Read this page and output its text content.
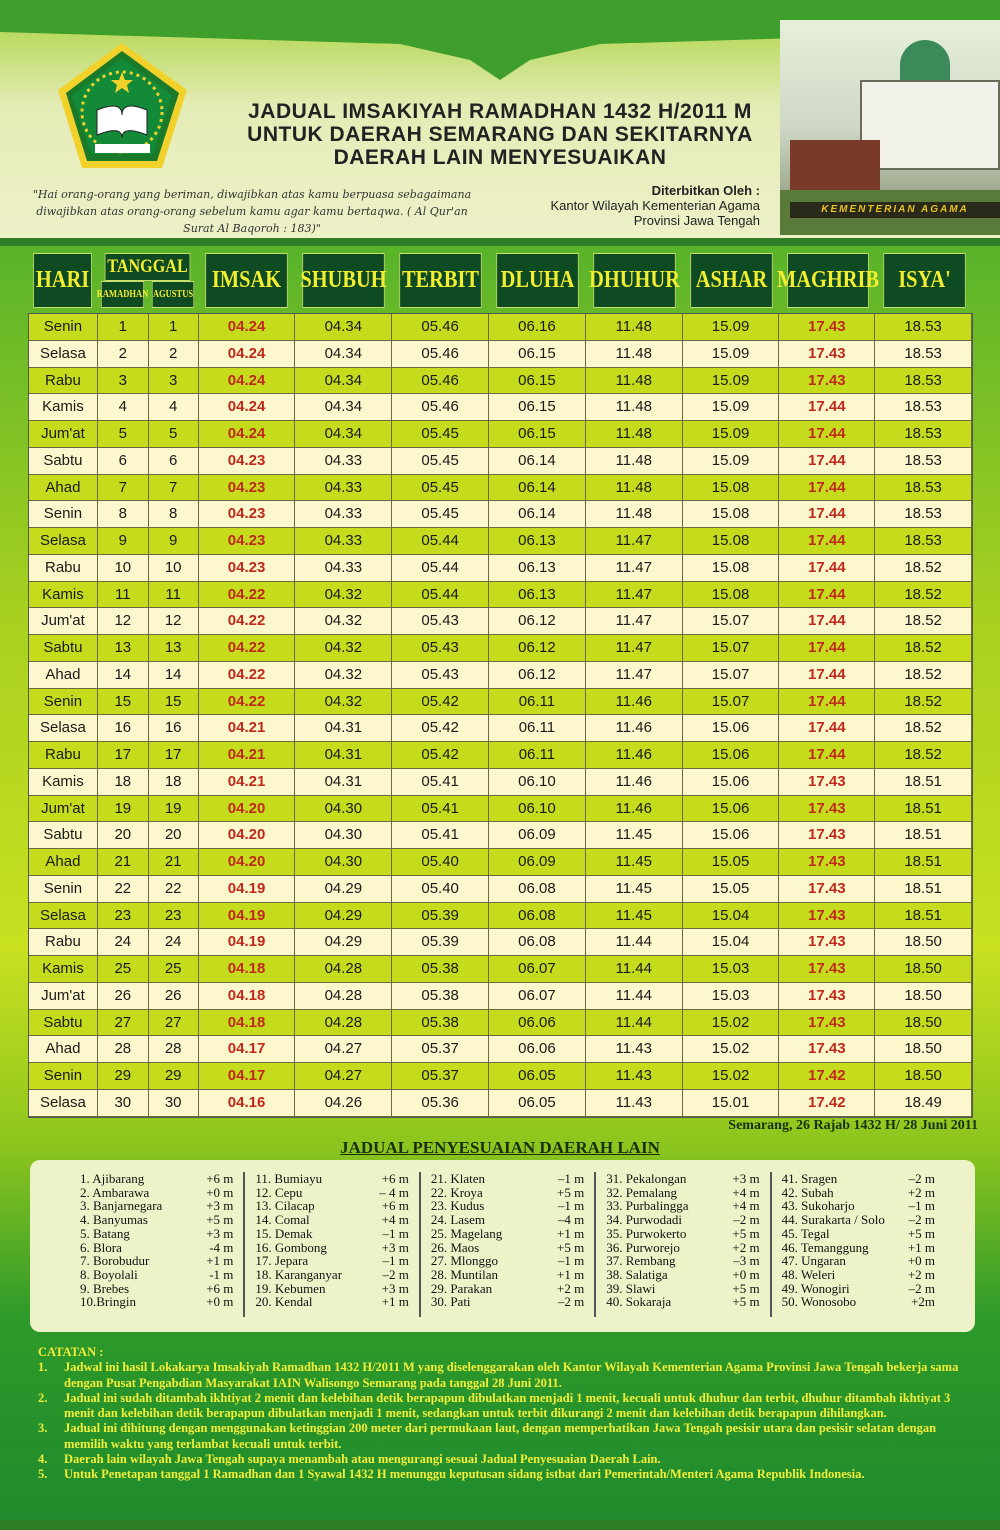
JADUAL IMSAKIYAH RAMADHAN 1432 H/2011 M
UNTUK DAERAH SEMARANG DAN SEKITARNYA
DAERAH LAIN MENYESUAIKAN
"Hai orang-orang yang beriman, diwajibkan atas kamu berpuasa sebagaimana diwajibkan atas orang-orang sebelum kamu agar kamu bertaqwa. ( Al Qur'an Surat Al Baqoroh : 183)"
Diterbitkan Oleh :
Kantor Wilayah Kementerian Agama
Provinsi Jawa Tengah
KEMENTERIAN AGAMA
HARI
TANGGAL
RAMADHAN AGUSTUS
IMSAK SHUBUH TERBIT DLUHA DHUHUR ASHAR MAGHRIB ISYA'
Senin	1	1	04.24	04.34	05.46	06.16	11.48	15.09	17.43	18.53
Selasa	2	2	04.24	04.34	05.46	06.15	11.48	15.09	17.43	18.53
Rabu	3	3	04.24	04.34	05.46	06.15	11.48	15.09	17.43	18.53
Kamis	4	4	04.24	04.34	05.46	06.15	11.48	15.09	17.44	18.53
Jum'at	5	5	04.24	04.34	05.45	06.15	11.48	15.09	17.44	18.53
Sabtu	6	6	04.23	04.33	05.45	06.14	11.48	15.09	17.44	18.53
Ahad	7	7	04.23	04.33	05.45	06.14	11.48	15.08	17.44	18.53
Senin	8	8	04.23	04.33	05.45	06.14	11.48	15.08	17.44	18.53
Selasa	9	9	04.23	04.33	05.44	06.13	11.47	15.08	17.44	18.53
Rabu	10	10	04.23	04.33	05.44	06.13	11.47	15.08	17.44	18.52
Kamis	11	11	04.22	04.32	05.44	06.13	11.47	15.08	17.44	18.52
Jum'at	12	12	04.22	04.32	05.43	06.12	11.47	15.07	17.44	18.52
Sabtu	13	13	04.22	04.32	05.43	06.12	11.47	15.07	17.44	18.52
Ahad	14	14	04.22	04.32	05.43	06.12	11.47	15.07	17.44	18.52
Senin	15	15	04.22	04.32	05.42	06.11	11.46	15.07	17.44	18.52
Selasa	16	16	04.21	04.31	05.42	06.11	11.46	15.06	17.44	18.52
Rabu	17	17	04.21	04.31	05.42	06.11	11.46	15.06	17.44	18.52
Kamis	18	18	04.21	04.31	05.41	06.10	11.46	15.06	17.43	18.51
Jum'at	19	19	04.20	04.30	05.41	06.10	11.46	15.06	17.43	18.51
Sabtu	20	20	04.20	04.30	05.41	06.09	11.45	15.06	17.43	18.51
Ahad	21	21	04.20	04.30	05.40	06.09	11.45	15.05	17.43	18.51
Senin	22	22	04.19	04.29	05.40	06.08	11.45	15.05	17.43	18.51
Selasa	23	23	04.19	04.29	05.39	06.08	11.45	15.04	17.43	18.51
Rabu	24	24	04.19	04.29	05.39	06.08	11.44	15.04	17.43	18.50
Kamis	25	25	04.18	04.28	05.38	06.07	11.44	15.03	17.43	18.50
Jum'at	26	26	04.18	04.28	05.38	06.07	11.44	15.03	17.43	18.50
Sabtu	27	27	04.18	04.28	05.38	06.06	11.44	15.02	17.43	18.50
Ahad	28	28	04.17	04.27	05.37	06.06	11.43	15.02	17.43	18.50
Senin	29	29	04.17	04.27	05.37	06.05	11.43	15.02	17.42	18.50
Selasa	30	30	04.16	04.26	05.36	06.05	11.43	15.01	17.42	18.49
Semarang, 26 Rajab 1432 H/ 28 Juni 2011
JADUAL PENYESUAIAN DAERAH LAIN
1. Ajibarang	+6 m
2. Ambarawa	+0 m
3. Banjarnegara	+3 m
4. Banyumas	+5 m
5. Batang	+3 m
6. Blora	-4 m
7. Borobudur	+1 m
8. Boyolali	-1 m
9. Brebes	+6 m
10.Bringin	+0 m
11. Bumiayu	+6 m
12. Cepu	– 4 m
13. Cilacap	+6 m
14. Comal	+4 m
15. Demak	–1 m
16. Gombong	+3 m
17. Jepara	–1 m
18. Karanganyar	–2 m
19. Kebumen	+3 m
20. Kendal	+1 m
21. Klaten	–1 m
22. Kroya	+5 m
23. Kudus	–1 m
24. Lasem	–4 m
25. Magelang	+1 m
26. Maos	+5 m
27. Mlonggo	–1 m
28. Muntilan	+1 m
29. Parakan	+2 m
30. Pati	–2 m
31. Pekalongan	+3 m
32. Pemalang	+4 m
33. Purbalingga	+4 m
34. Purwodadi	–2 m
35. Purwokerto	+5 m
36. Purworejo	+2 m
37. Rembang	–3 m
38. Salatiga	+0 m
39. Slawi	+5 m
40. Sokaraja	+5 m
41. Sragen	–2 m
42. Subah	+2 m
43. Sukoharjo	–1 m
44. Surakarta / Solo –2 m
45. Tegal	+5 m
46. Temanggung	+1 m
47. Ungaran	+0 m
48. Weleri	+2 m
49. Wonogiri	–2 m
50. Wonosobo	+2m
CATATAN :
1.	Jadwal ini hasil Lokakarya Imsakiyah Ramadhan 1432 H/2011 M yang diselenggarakan oleh Kantor Wilayah Kementerian Agama Provinsi Jawa Tengah bekerja sama dengan Pusat Pengabdian Masyarakat IAIN Walisongo Semarang pada tanggal 28 Juni 2011.
2.	Jadual ini sudah ditambah ikhtiyat 2 menit dan kelebihan detik berapapun dibulatkan menjadi 1 menit, kecuali untuk dhuhur dan terbit, dhuhur ditambah ikhtiyat 3 menit dan kelebihan detik berapapun dibulatkan menjadi 1 menit, sedangkan untuk terbit dikurangi 2 menit dan kelebihan detik berapapun dihilangkan.
3.	Jadual ini dihitung dengan menggunakan ketinggian 200 meter dari permukaan laut, dengan memperhatikan Jawa Tengah pesisir utara dan pesisir selatan dengan memilih waktu yang terlambat kecuali untuk terbit.
4.	Daerah lain wilayah Jawa Tengah supaya menambah atau mengurangi sesuai Jadual Penyesuaian Daerah Lain.
5.	Untuk Penetapan tanggal 1 Ramadhan dan 1 Syawal 1432 H menunggu keputusan sidang istbat dari Pemerintah/Menteri Agama Republik Indonesia.
